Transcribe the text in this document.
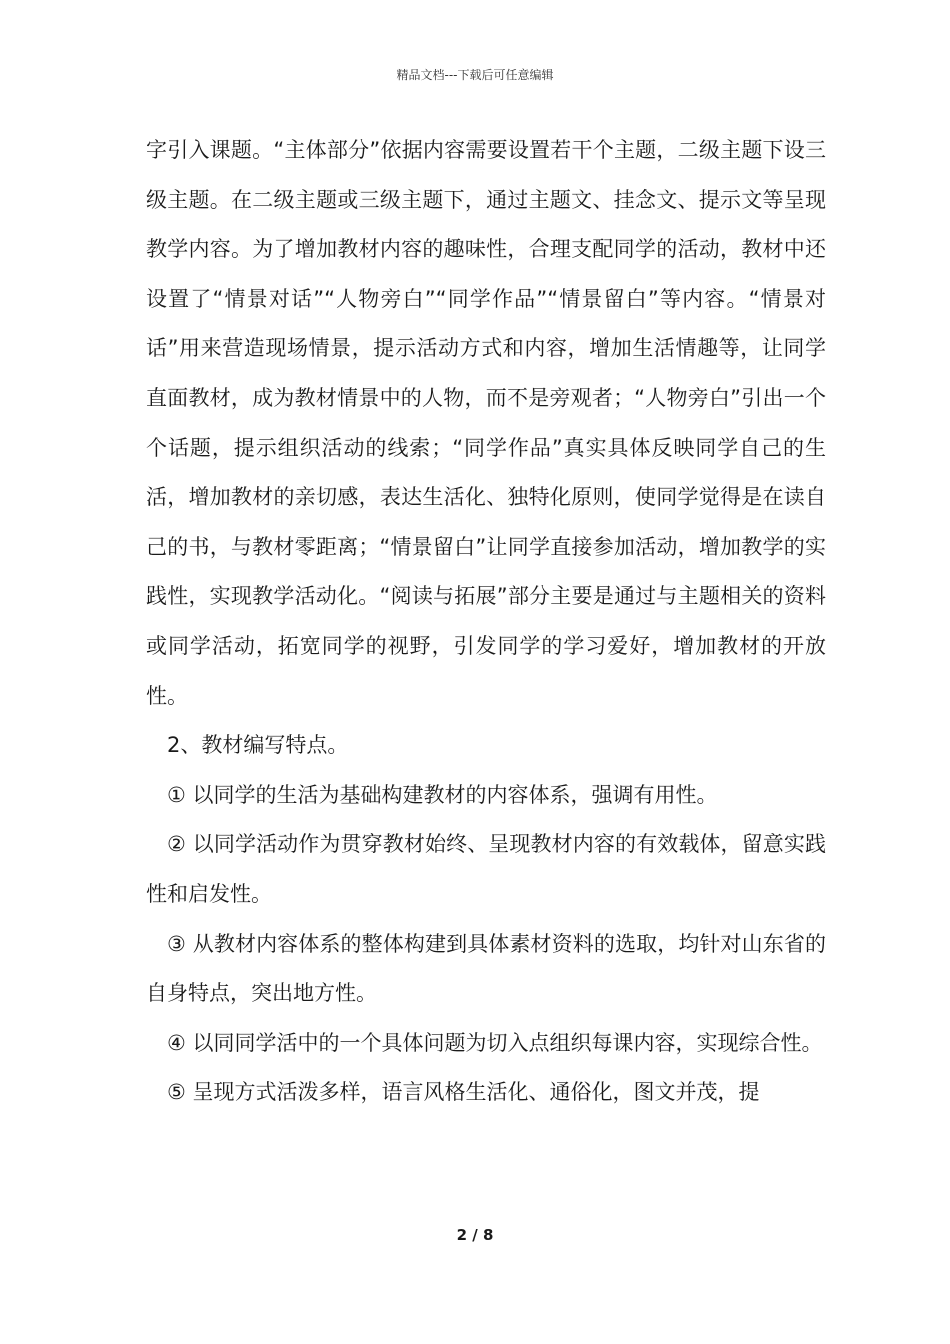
精品文档---下载后可任意编辑

字引入课题。“主体部分”依据内容需要设置若干个主题，二级主题下设三级主题。在二级主题或三级主题下，通过主题文、挂念文、提示文等呈现教学内容。为了增加教材内容的趣味性，合理支配同学的活动，教材中还设置了“情景对话”“人物旁白”“同学作品”“情景留白”等内容。“情景对话”用来营造现场情景，提示活动方式和内容，增加生活情趣等，让同学直面教材，成为教材情景中的人物，而不是旁观者；“人物旁白”引出一个个话题，提示组织活动的线索；“同学作品”真实具体反映同学自己的生活，增加教材的亲切感，表达生活化、独特化原则，使同学觉得是在读自己的书，与教材零距离；“情景留白”让同学直接参加活动，增加教学的实践性，实现教学活动化。“阅读与拓展”部分主要是通过与主题相关的资料或同学活动，拓宽同学的视野，引发同学的学习爱好，增加教材的开放性。

2、教材编写特点。

① 以同学的生活为基础构建教材的内容体系，强调有用性。

② 以同学活动作为贯穿教材始终、呈现教材内容的有效载体，留意实践性和启发性。

③ 从教材内容体系的整体构建到具体素材资料的选取，均针对山东省的自身特点，突出地方性。

④ 以同同学活中的一个具体问题为切入点组织每课内容，实现综合性。

⑤ 呈现方式活泼多样，语言风格生活化、通俗化，图文并茂，提

2 / 8
